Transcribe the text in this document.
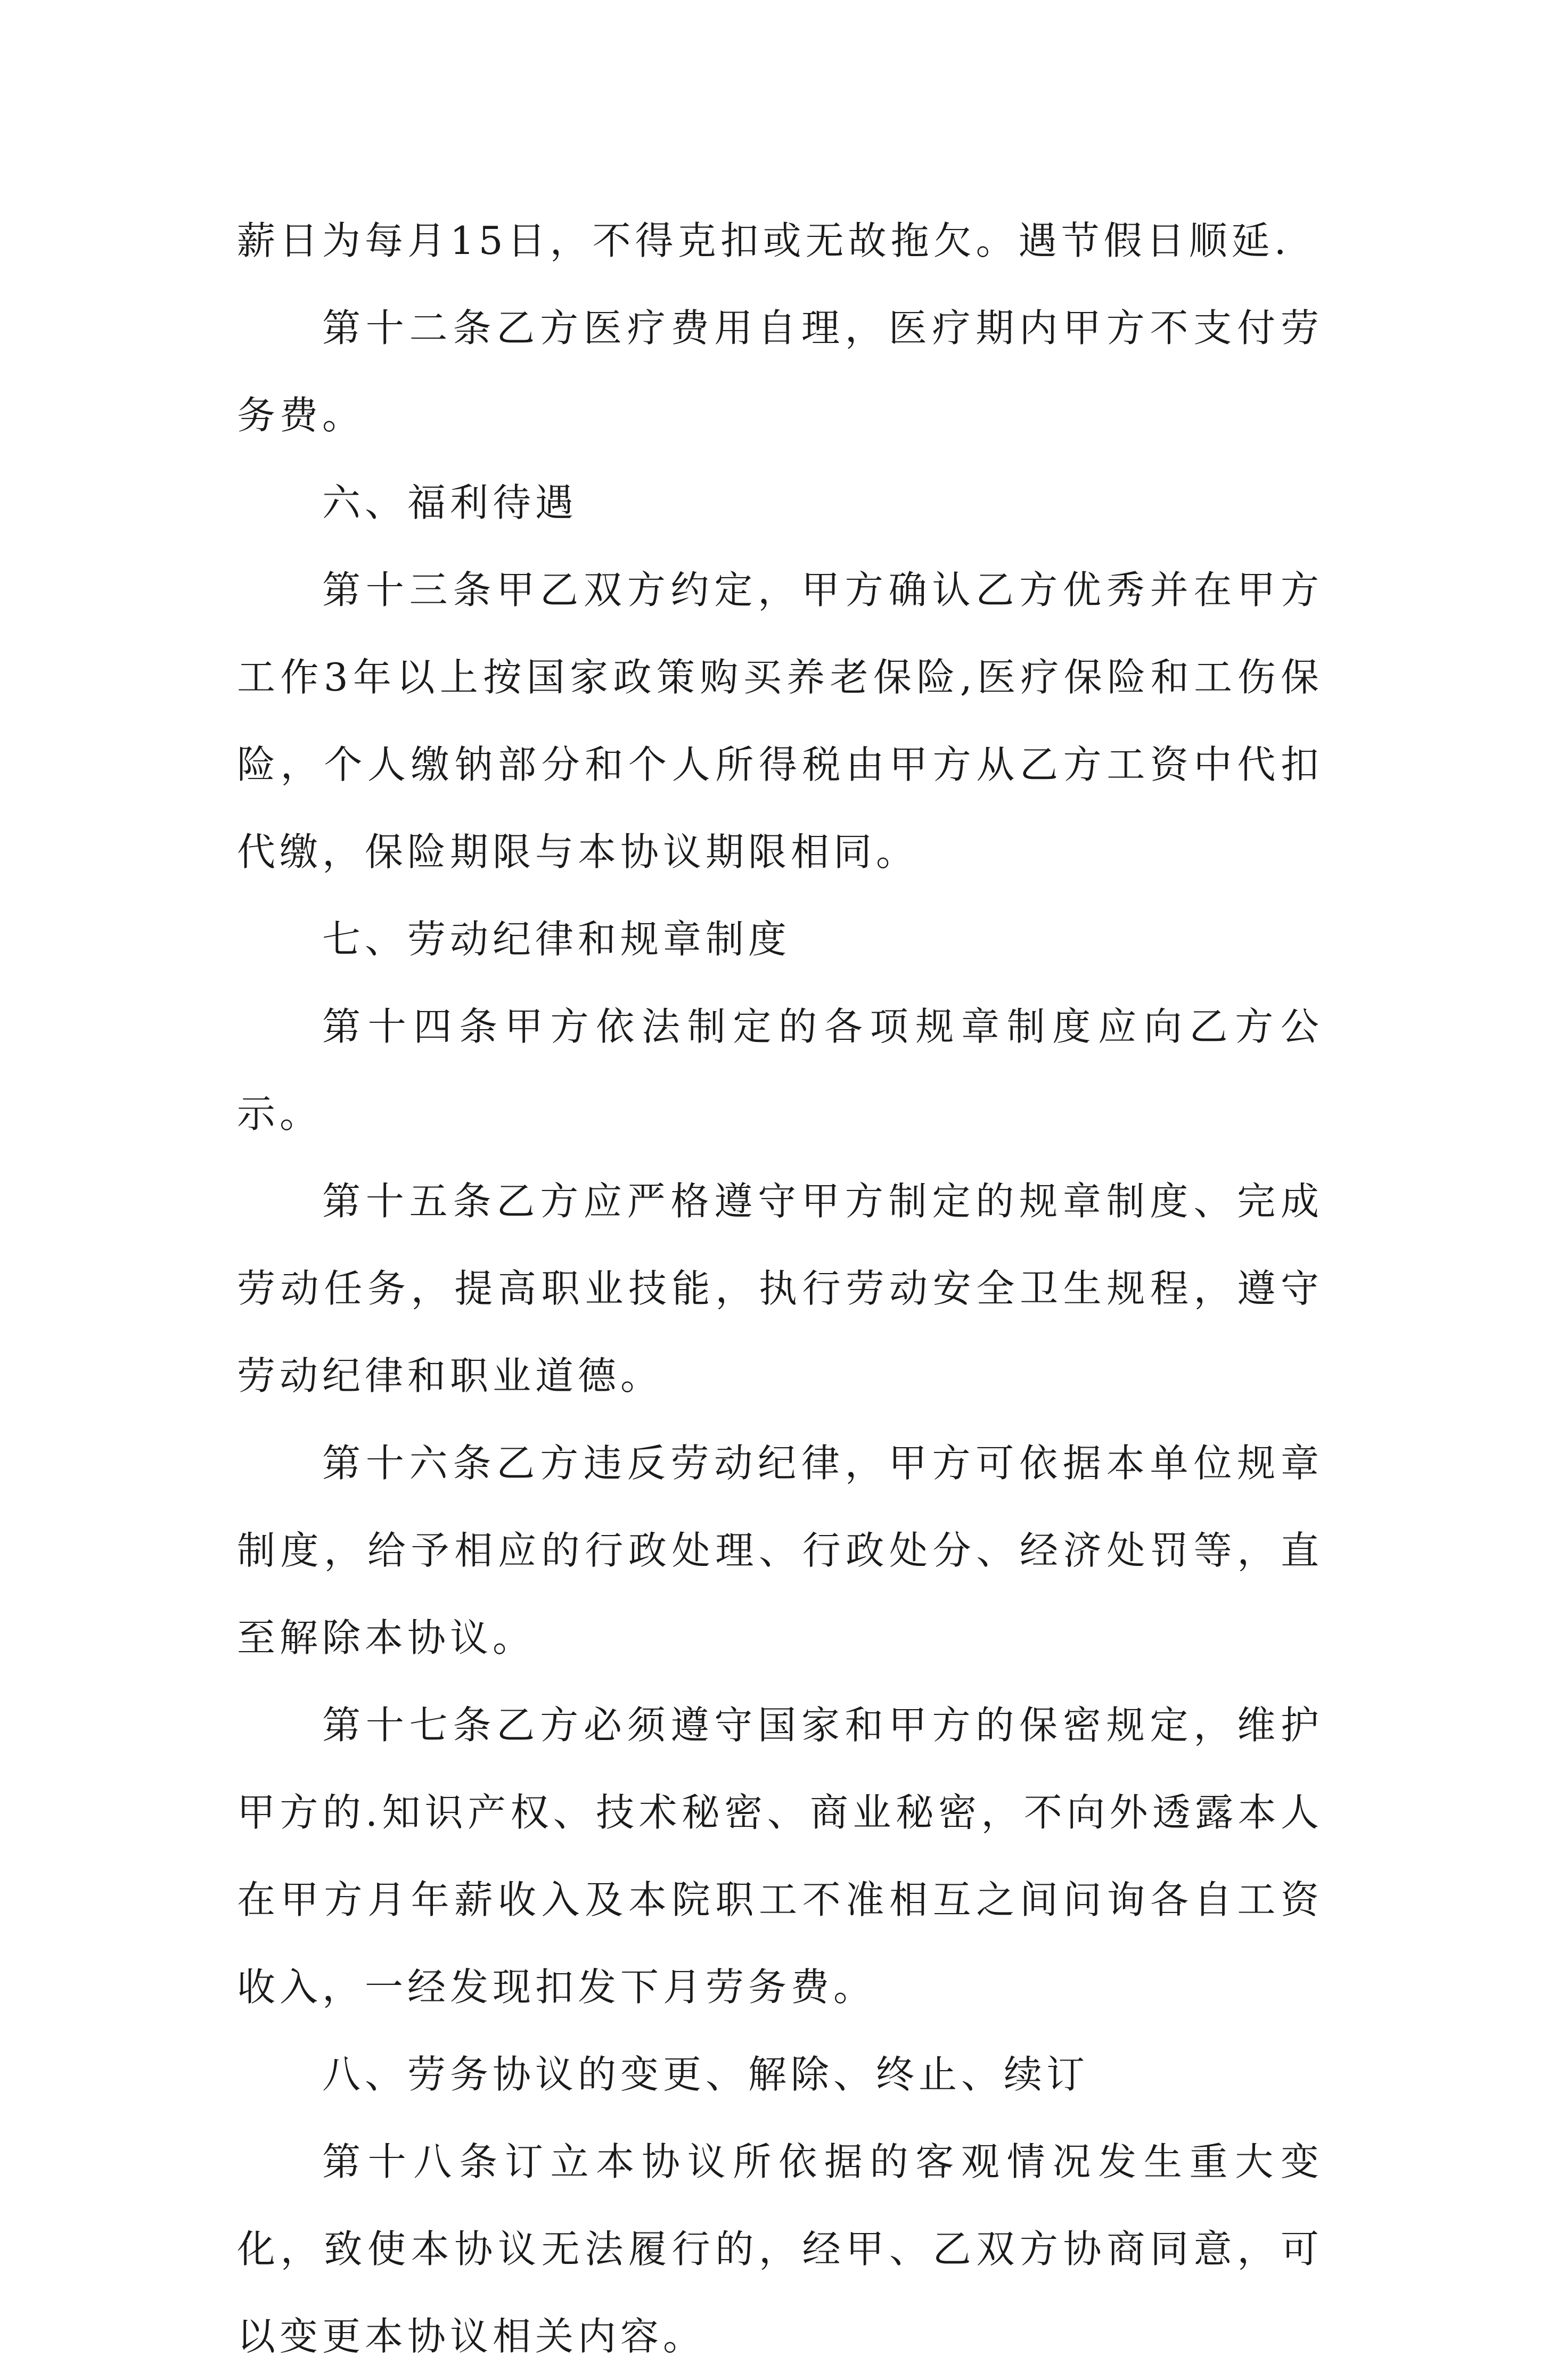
薪日为每月15日，不得克扣或无故拖欠。遇节假日顺延.

第十二条乙方医疗费用自理，医疗期内甲方不支付劳务费。

六、福利待遇

第十三条甲乙双方约定，甲方确认乙方优秀并在甲方工作3年以上按国家政策购买养老保险,医疗保险和工伤保险，个人缴钠部分和个人所得税由甲方从乙方工资中代扣代缴，保险期限与本协议期限相同。

七、劳动纪律和规章制度

第十四条甲方依法制定的各项规章制度应向乙方公示。

第十五条乙方应严格遵守甲方制定的规章制度、完成劳动任务，提高职业技能，执行劳动安全卫生规程，遵守劳动纪律和职业道德。

第十六条乙方违反劳动纪律，甲方可依据本单位规章制度，给予相应的行政处理、行政处分、经济处罚等，直至解除本协议。

第十七条乙方必须遵守国家和甲方的保密规定，维护甲方的.知识产权、技术秘密、商业秘密，不向外透露本人在甲方月年薪收入及本院职工不准相互之间问询各自工资收入，一经发现扣发下月劳务费。

八、劳务协议的变更、解除、终止、续订

第十八条订立本协议所依据的客观情况发生重大变化，致使本协议无法履行的，经甲、乙双方协商同意，可以变更本协议相关内容。
